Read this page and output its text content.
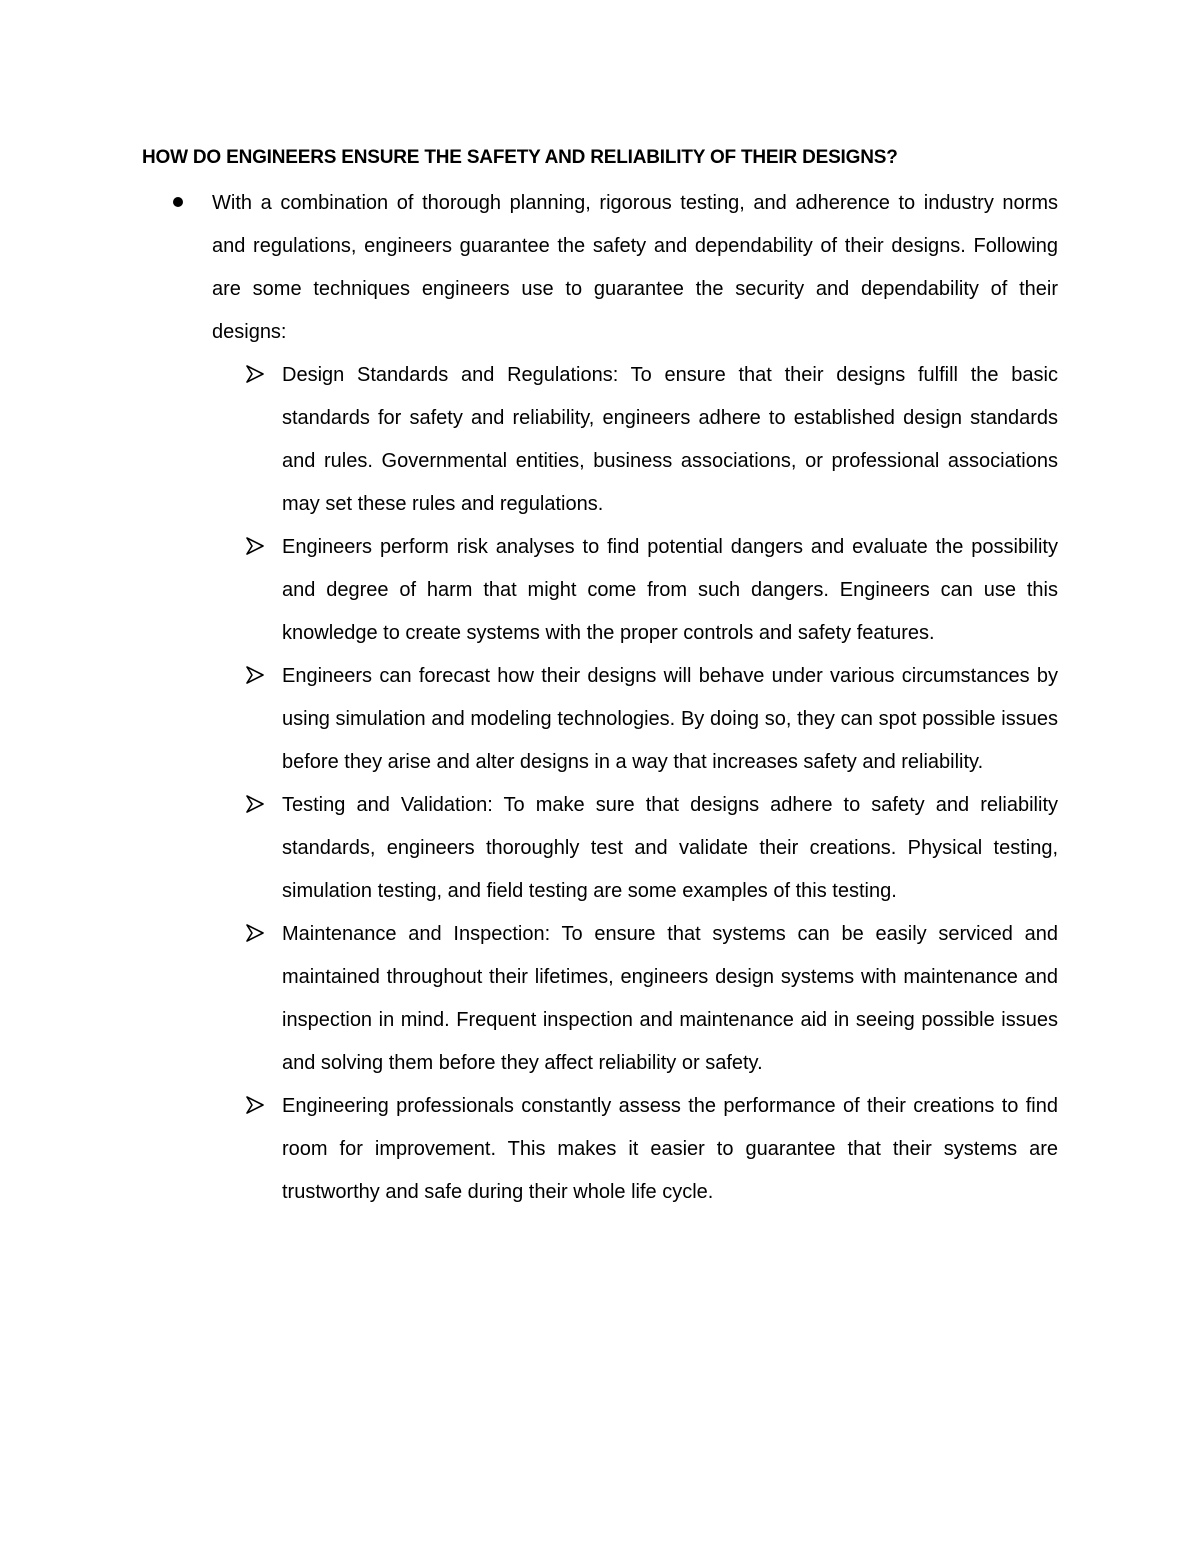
HOW DO ENGINEERS ENSURE THE SAFETY AND RELIABILITY OF THEIR DESIGNS?

With a combination of thorough planning, rigorous testing, and adherence to industry norms and regulations, engineers guarantee the safety and dependability of their designs. Following are some techniques engineers use to guarantee the security and dependability of their designs:

Design Standards and Regulations: To ensure that their designs fulfill the basic standards for safety and reliability, engineers adhere to established design standards and rules. Governmental entities, business associations, or professional associations may set these rules and regulations.

Engineers perform risk analyses to find potential dangers and evaluate the possibility and degree of harm that might come from such dangers. Engineers can use this knowledge to create systems with the proper controls and safety features.

Engineers can forecast how their designs will behave under various circumstances by using simulation and modeling technologies. By doing so, they can spot possible issues before they arise and alter designs in a way that increases safety and reliability.

Testing and Validation: To make sure that designs adhere to safety and reliability standards, engineers thoroughly test and validate their creations. Physical testing, simulation testing, and field testing are some examples of this testing.

Maintenance and Inspection: To ensure that systems can be easily serviced and maintained throughout their lifetimes, engineers design systems with maintenance and inspection in mind. Frequent inspection and maintenance aid in seeing possible issues and solving them before they affect reliability or safety.

Engineering professionals constantly assess the performance of their creations to find room for improvement. This makes it easier to guarantee that their systems are trustworthy and safe during their whole life cycle.
